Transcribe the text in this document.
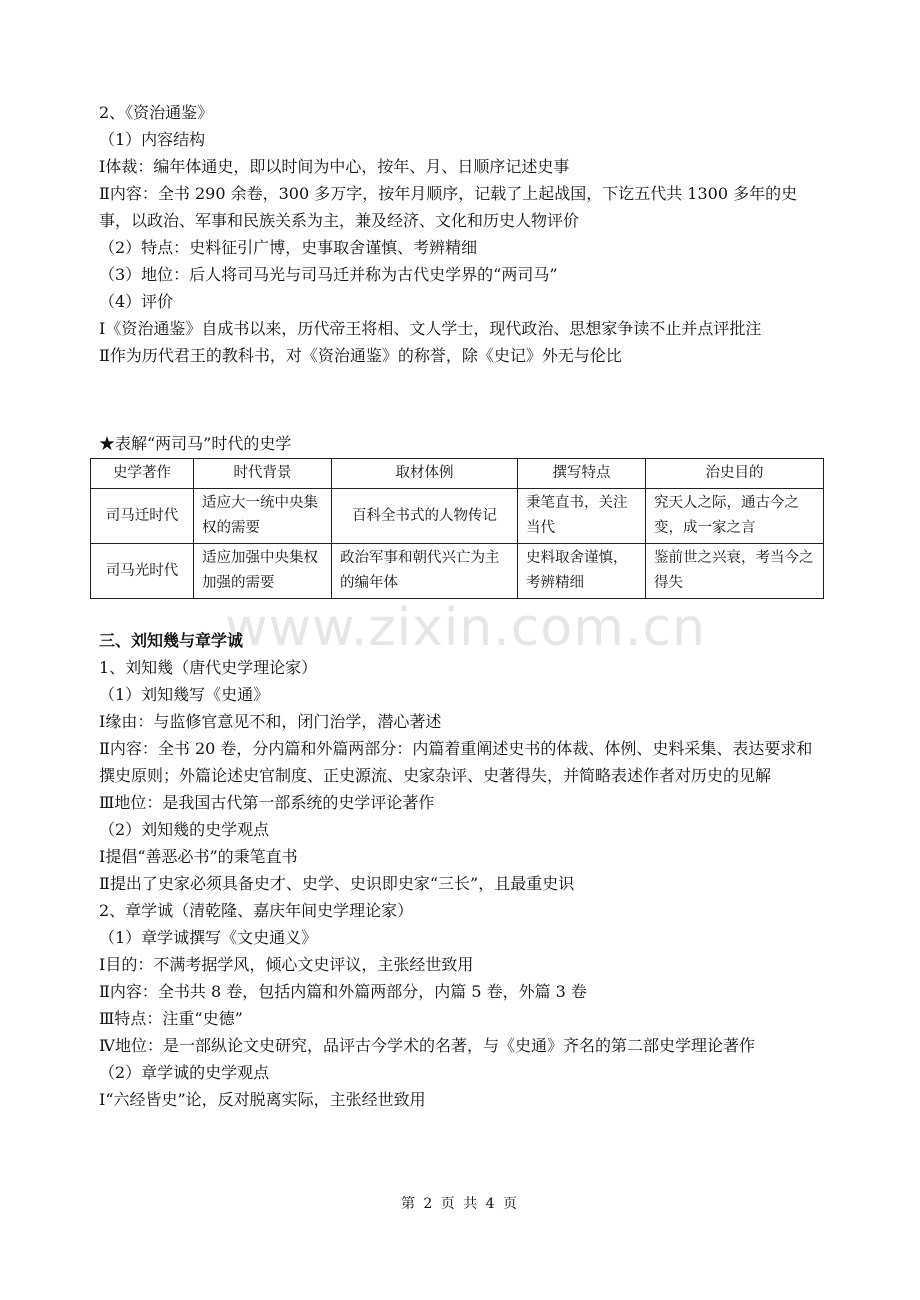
2、《资治通鉴》

（1）内容结构

Ⅰ体裁：编年体通史，即以时间为中心，按年、月、日顺序记述史事

Ⅱ内容：全书 290 余卷，300 多万字，按年月顺序，记载了上起战国，下讫五代共 1300 多年的史事，以政治、军事和民族关系为主，兼及经济、文化和历史人物评价

（2）特点：史料征引广博，史事取舍谨慎、考辨精细

（3）地位：后人将司马光与司马迁并称为古代史学界的“两司马”

（4）评价

Ⅰ《资治通鉴》自成书以来，历代帝王将相、文人学士，现代政治、思想家争读不止并点评批注

Ⅱ作为历代君王的教科书，对《资治通鉴》的称誉，除《史记》外无与伦比

★表解“两司马”时代的史学

史学著作	时代背景	取材体例	撰写特点	治史目的
司马迁时代	适应大一统中央集权的需要	百科全书式的人物传记	秉笔直书，关注当代	究天人之际，通古今之变，成一家之言
司马光时代	适应加强中央集权加强的需要	政治军事和朝代兴亡为主的编年体	史料取舍谨慎，考辨精细	鉴前世之兴衰，考当今之得失
www.zixin.com.cn

三、刘知幾与章学诚

1、刘知幾（唐代史学理论家）

（1）刘知幾写《史通》

Ⅰ缘由：与监修官意见不和，闭门治学，潜心著述

Ⅱ内容：全书 20 卷，分内篇和外篇两部分：内篇着重阐述史书的体裁、体例、史料采集、表达要求和撰史原则；外篇论述史官制度、正史源流、史家杂评、史著得失，并简略表述作者对历史的见解

Ⅲ地位：是我国古代第一部系统的史学评论著作

（2）刘知幾的史学观点

Ⅰ提倡“善恶必书”的秉笔直书

Ⅱ提出了史家必须具备史才、史学、史识即史家“三长”，且最重史识

2、章学诚（清乾隆、嘉庆年间史学理论家）

（1）章学诚撰写《文史通义》

Ⅰ目的：不满考据学风，倾心文史评议，主张经世致用

Ⅱ内容：全书共 8 卷，包括内篇和外篇两部分，内篇 5 卷，外篇 3 卷

Ⅲ特点：注重“史德”

Ⅳ地位：是一部纵论文史研究，品评古今学术的名著，与《史通》齐名的第二部史学理论著作

（2）章学诚的史学观点

Ⅰ“六经皆史”论，反对脱离实际，主张经世致用

第 2 页 共 4 页
